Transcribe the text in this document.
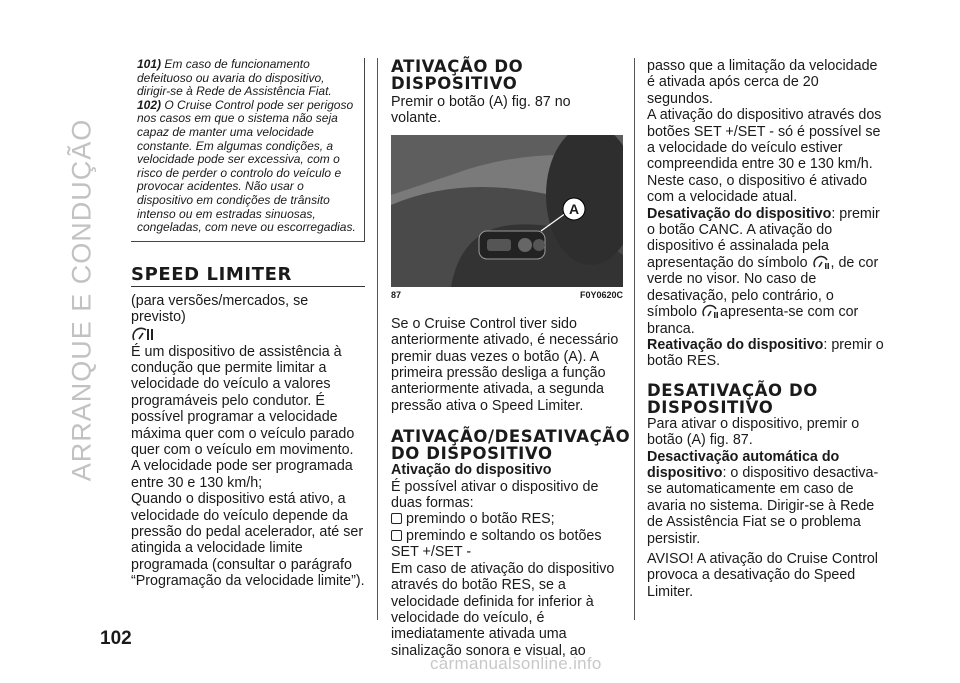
ARRANQUE E CONDUÇÃO
102

101) Em caso de funcionamento defeituoso ou avaria do dispositivo, dirigir-se à Rede de Assistência Fiat.

102) O Cruise Control pode ser perigoso nos casos em que o sistema não seja capaz de manter uma velocidade constante. Em algumas condições, a velocidade pode ser excessiva, com o risco de perder o controlo do veículo e provocar acidentes. Não usar o dispositivo em condições de trânsito intenso ou em estradas sinuosas, congeladas, com neve ou escorregadias.

SPEED LIMITER

(para versões/mercados, se previsto)

É um dispositivo de assistência à condução que permite limitar a velocidade do veículo a valores programáveis pelo condutor. É possível programar a velocidade máxima quer com o veículo parado quer com o veículo em movimento. A velocidade pode ser programada entre 30 e 130 km/h;

Quando o dispositivo está ativo, a velocidade do veículo depende da pressão do pedal acelerador, até ser atingida a velocidade limite programada (consultar o parágrafo “Programação da velocidade limite”).

ATIVAÇÃO DO DISPOSITIVO

Premir o botão (A) fig. 87 no volante.

A
87	F0Y0620C

Se o Cruise Control tiver sido anteriormente ativado, é necessário premir duas vezes o botão (A). A primeira pressão desliga a função anteriormente ativada, a segunda pressão ativa o Speed Limiter.

ATIVAÇÃO/DESATIVAÇÃO DO DISPOSITIVO

Ativação do dispositivo

É possível ativar o dispositivo de duas formas:

premindo o botão RES;

premindo e soltando os botões SET +/SET -

Em caso de ativação do dispositivo através do botão RES, se a velocidade definida for inferior à velocidade do veículo, é imediatamente ativada uma sinalização sonora e visual, ao

passo que a limitação da velocidade é ativada após cerca de 20 segundos.

A ativação do dispositivo através dos botões SET +/SET - só é possível se a velocidade do veículo estiver compreendida entre 30 e 130 km/h. Neste caso, o dispositivo é ativado com a velocidade atual.

Desativação do dispositivo: premir o botão CANC. A ativação do dispositivo é assinalada pela apresentação do símbolo , de cor verde no visor. No caso de desativação, pelo contrário, o símbolo apresenta-se com cor branca.

Reativação do dispositivo: premir o botão RES.

DESATIVAÇÃO DO DISPOSITIVO

Para ativar o dispositivo, premir o botão (A) fig. 87.

Desactivação automática do dispositivo: o dispositivo desactiva-se automaticamente em caso de avaria no sistema. Dirigir-se à Rede de Assistência Fiat se o problema persistir.

AVISO! A ativação do Cruise Control provoca a desativação do Speed Limiter.

carmanualsonline.info
